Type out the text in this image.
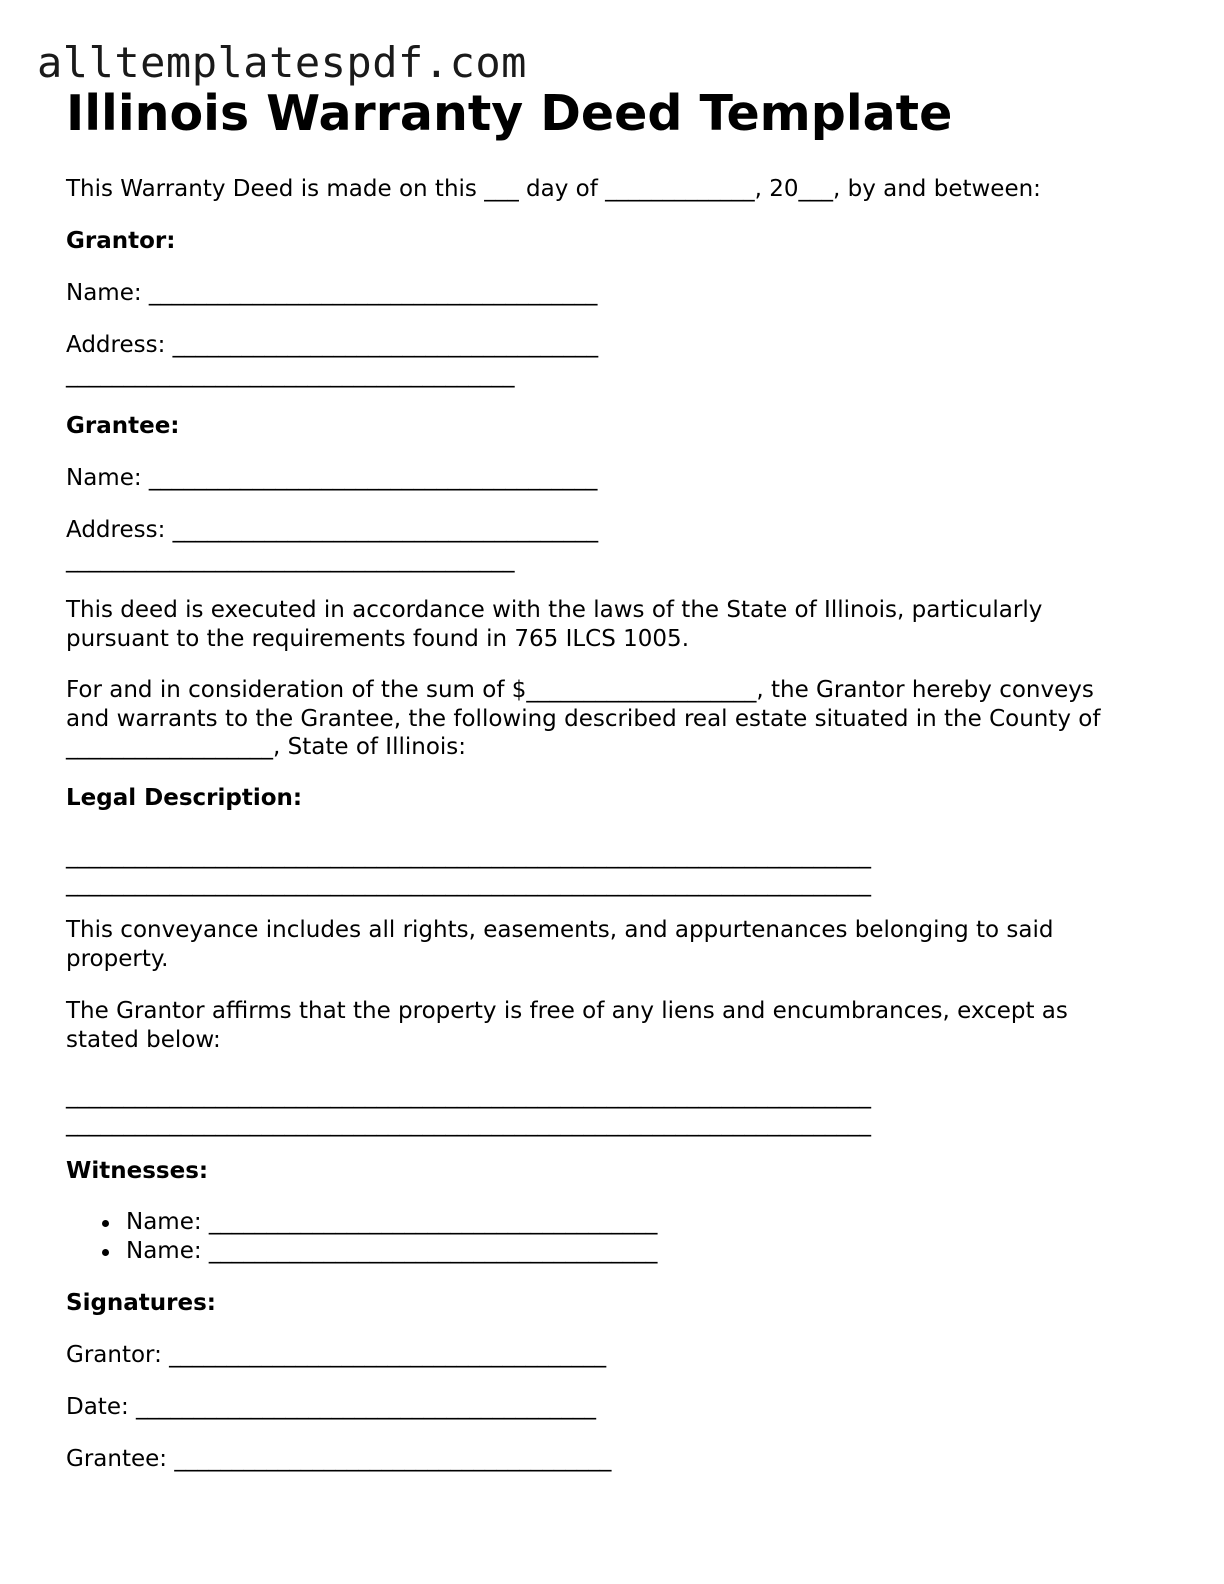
alltemplatespdf.com
Illinois Warranty Deed Template
This Warranty Deed is made on this ___ day of _____________, 20___, by and between:
Grantor:
Name: _______________________________________
Address: _____________________________________
_______________________________________
Grantee:
Name: _______________________________________
Address: _____________________________________
_______________________________________
This deed is executed in accordance with the laws of the State of Illinois, particularly
pursuant to the requirements found in 765 ILCS 1005.
For and in consideration of the sum of $____________________, the Grantor hereby conveys
and warrants to the Grantee, the following described real estate situated in the County of
__________________, State of Illinois:
Legal Description:
______________________________________________________________________
______________________________________________________________________
This conveyance includes all rights, easements, and appurtenances belonging to said
property.
The Grantor affirms that the property is free of any liens and encumbrances, except as
stated below:
______________________________________________________________________
______________________________________________________________________
Witnesses:
Name: _______________________________________
Name: _______________________________________
Signatures:
Grantor: ______________________________________
Date: ________________________________________
Grantee: ______________________________________
